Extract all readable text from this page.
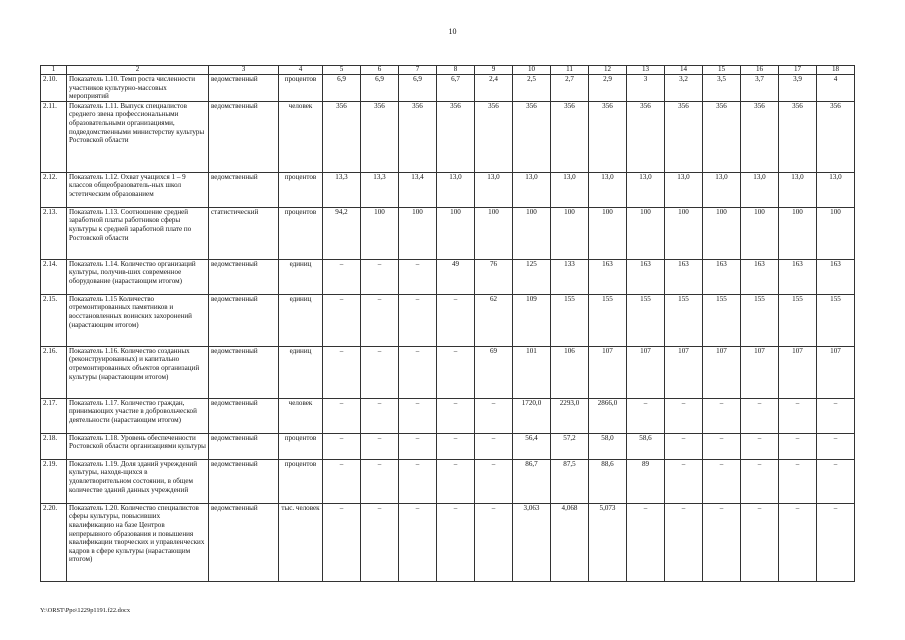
10
1	2	3	4	5	6	7	8	9	10	11	12	13	14	15	16	17	18
2.10.	Показатель 1.10. Темп роста численности участников культурно-массовых мероприятий	ведомственный	процентов	6,9	6,9	6,9	6,7	2,4	2,5	2,7	2,9	3	3,2	3,5	3,7	3,9	4
2.11.	Показатель 1.11. Выпуск специалистов среднего звена профессиональными образовательными организациями, подведомственными министерству культуры Ростовской области	ведомственный	человек	356	356	356	356	356	356	356	356	356	356	356	356	356	356
2.12.	Показатель 1.12. Охват учащихся 1 – 9 классов общеобразователь-ных школ эстетическим образованием	ведомственный	процентов	13,3	13,3	13,4	13,0	13,0	13,0	13,0	13,0	13,0	13,0	13,0	13,0	13,0	13,0
2.13.	Показатель 1.13. Соотношение средней заработной платы работников сферы культуры к средней заработной плате по Ростовской области	статистический	процентов	94,2	100	100	100	100	100	100	100	100	100	100	100	100	100
2.14.	Показатель 1.14. Количество организаций культуры, получив-ших современное оборудование (нарастающим итогом)	ведомственный	единиц	–	–	–	49	76	125	133	163	163	163	163	163	163	163
2.15.	Показатель 1.15 Количество отремонтированных памятников и восстановленных воинских захоронений (нарастающим итогом)	ведомственный	единиц	–	–	–	–	62	109	155	155	155	155	155	155	155	155
2.16.	Показатель 1.16. Количество созданных (реконструированных) и капитально отремонтированных объектов организаций культуры (нарастающим итогом)	ведомственный	единиц	–	–	–	–	69	101	106	107	107	107	107	107	107	107
2.17.	Показатель 1.17. Количество граждан, принимающих участие в добровольческой деятельности (нарастающим итогом)	ведомственный	человек	–	–	–	–	–	1720,0	2293,0	2866,0	–	–	–	–	–	–
2.18.	Показатель 1.18. Уровень обеспеченности Ростовской области организациями культуры	ведомственный	процентов	–	–	–	–	–	56,4	57,2	58,0	58,6	–	–	–	–	–
2.19.	Показатель 1.19. Доля зданий учреждений культуры, находя-щихся в удовлетворительном состоянии, в общем количестве зданий данных учреждений	ведомственный	процентов	–	–	–	–	–	86,7	87,5	88,6	89	–	–	–	–	–
2.20.	Показатель 1.20. Количество специалистов сферы культуры, повысивших квалификацию на базе Центров непрерывного образования и повышения квалификации творческих и управленческих кадров в сфере культуры (нарастающим итогом)	ведомственный	тыс. человек	–	–	–	–	–	3,063	4,068	5,073	–	–	–	–	–	–
Y:\ORST\Ppo\1229p1191.f22.docx
